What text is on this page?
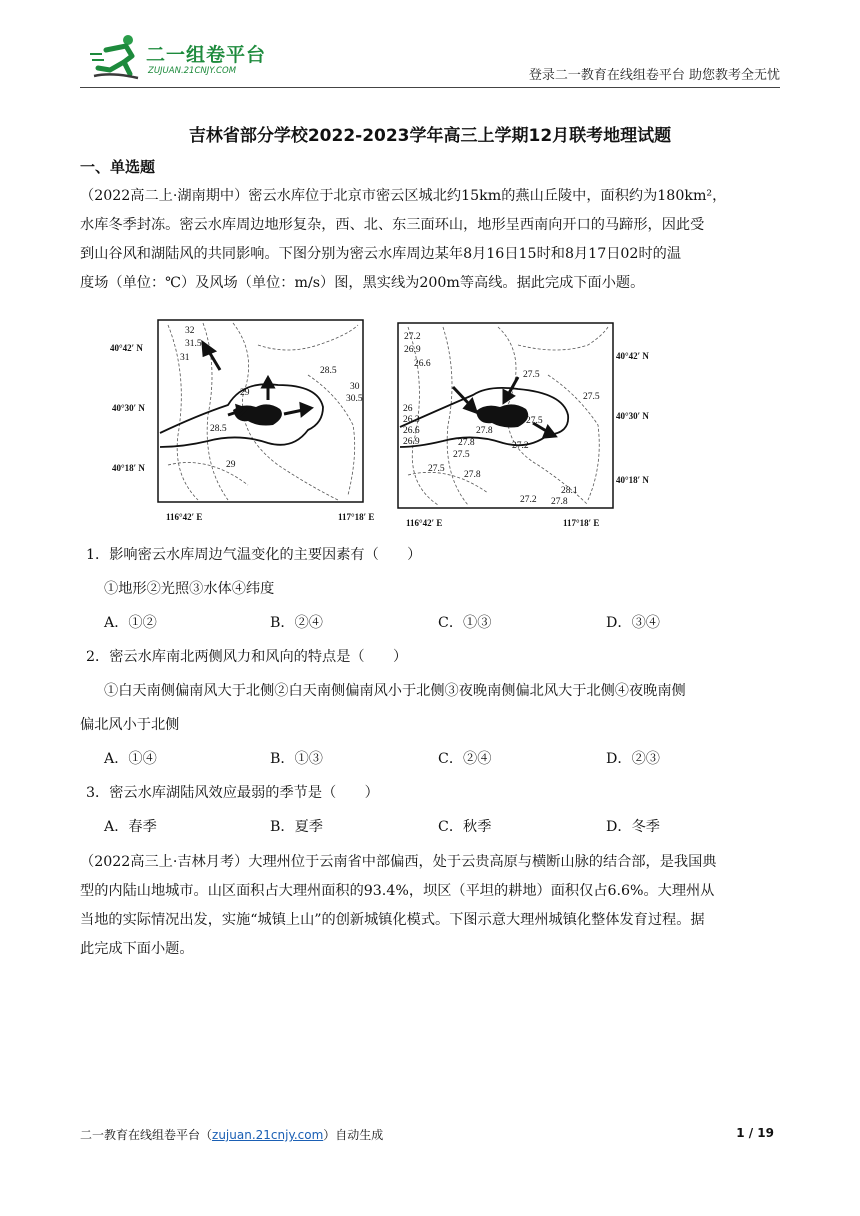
二一组卷平台
ZUJUAN.21CNJY.COM	登录二一教育在线组卷平台 助您教考全无忧
吉林省部分学校2022-2023学年高三上学期12月联考地理试题
一、单选题
（2022高二上·湖南期中）密云水库位于北京市密云区城北约15km的燕山丘陵中，面积约为180km²，
水库冬季封冻。密云水库周边地形复杂，西、北、东三面环山，地形呈西南向开口的马蹄形，因此受
到山谷风和湖陆风的共同影响。下图分别为密云水库周边某年8月16日15时和8月17日02时的温
度场（单位：℃）及风场（单位：m/s）图，黑实线为200m等高线。据此完成下面小题。
32
31.5
31
28.5
30
30.5
29
28.5
29
40°42′ N
40°30′ N
40°18′ N
116°42′ E	117°18′ E
27.2
26.9
26.6
27.5
27.5
26
26.3
26.6
26.9
27.8
27.5
27.8	27.2
27.5
27.5
27.8
28.1
27.2 27.8
40°42′ N
40°30′ N
40°18′ N
116°42′ E	117°18′ E
1．影响密云水库周边气温变化的主要因素有（　　）
①地形②光照③水体④纬度
A．①②	B．②④	C．①③	D．③④
2．密云水库南北两侧风力和风向的特点是（　　）
①白天南侧偏南风大于北侧②白天南侧偏南风小于北侧③夜晚南侧偏北风大于北侧④夜晚南侧
偏北风小于北侧
A．①④	B．①③	C．②④	D．②③
3．密云水库湖陆风效应最弱的季节是（　　）
A．春季	B．夏季	C．秋季	D．冬季
（2022高三上·吉林月考）大理州位于云南省中部偏西，处于云贵高原与横断山脉的结合部，是我国典
型的内陆山地城市。山区面积占大理州面积的93.4%，坝区（平坦的耕地）面积仅占6.6%。大理州从
当地的实际情况出发，实施“城镇上山”的创新城镇化模式。下图示意大理州城镇化整体发育过程。据
此完成下面小题。
二一教育在线组卷平台（zujuan.21cnjy.com）自动生成	1 / 19
